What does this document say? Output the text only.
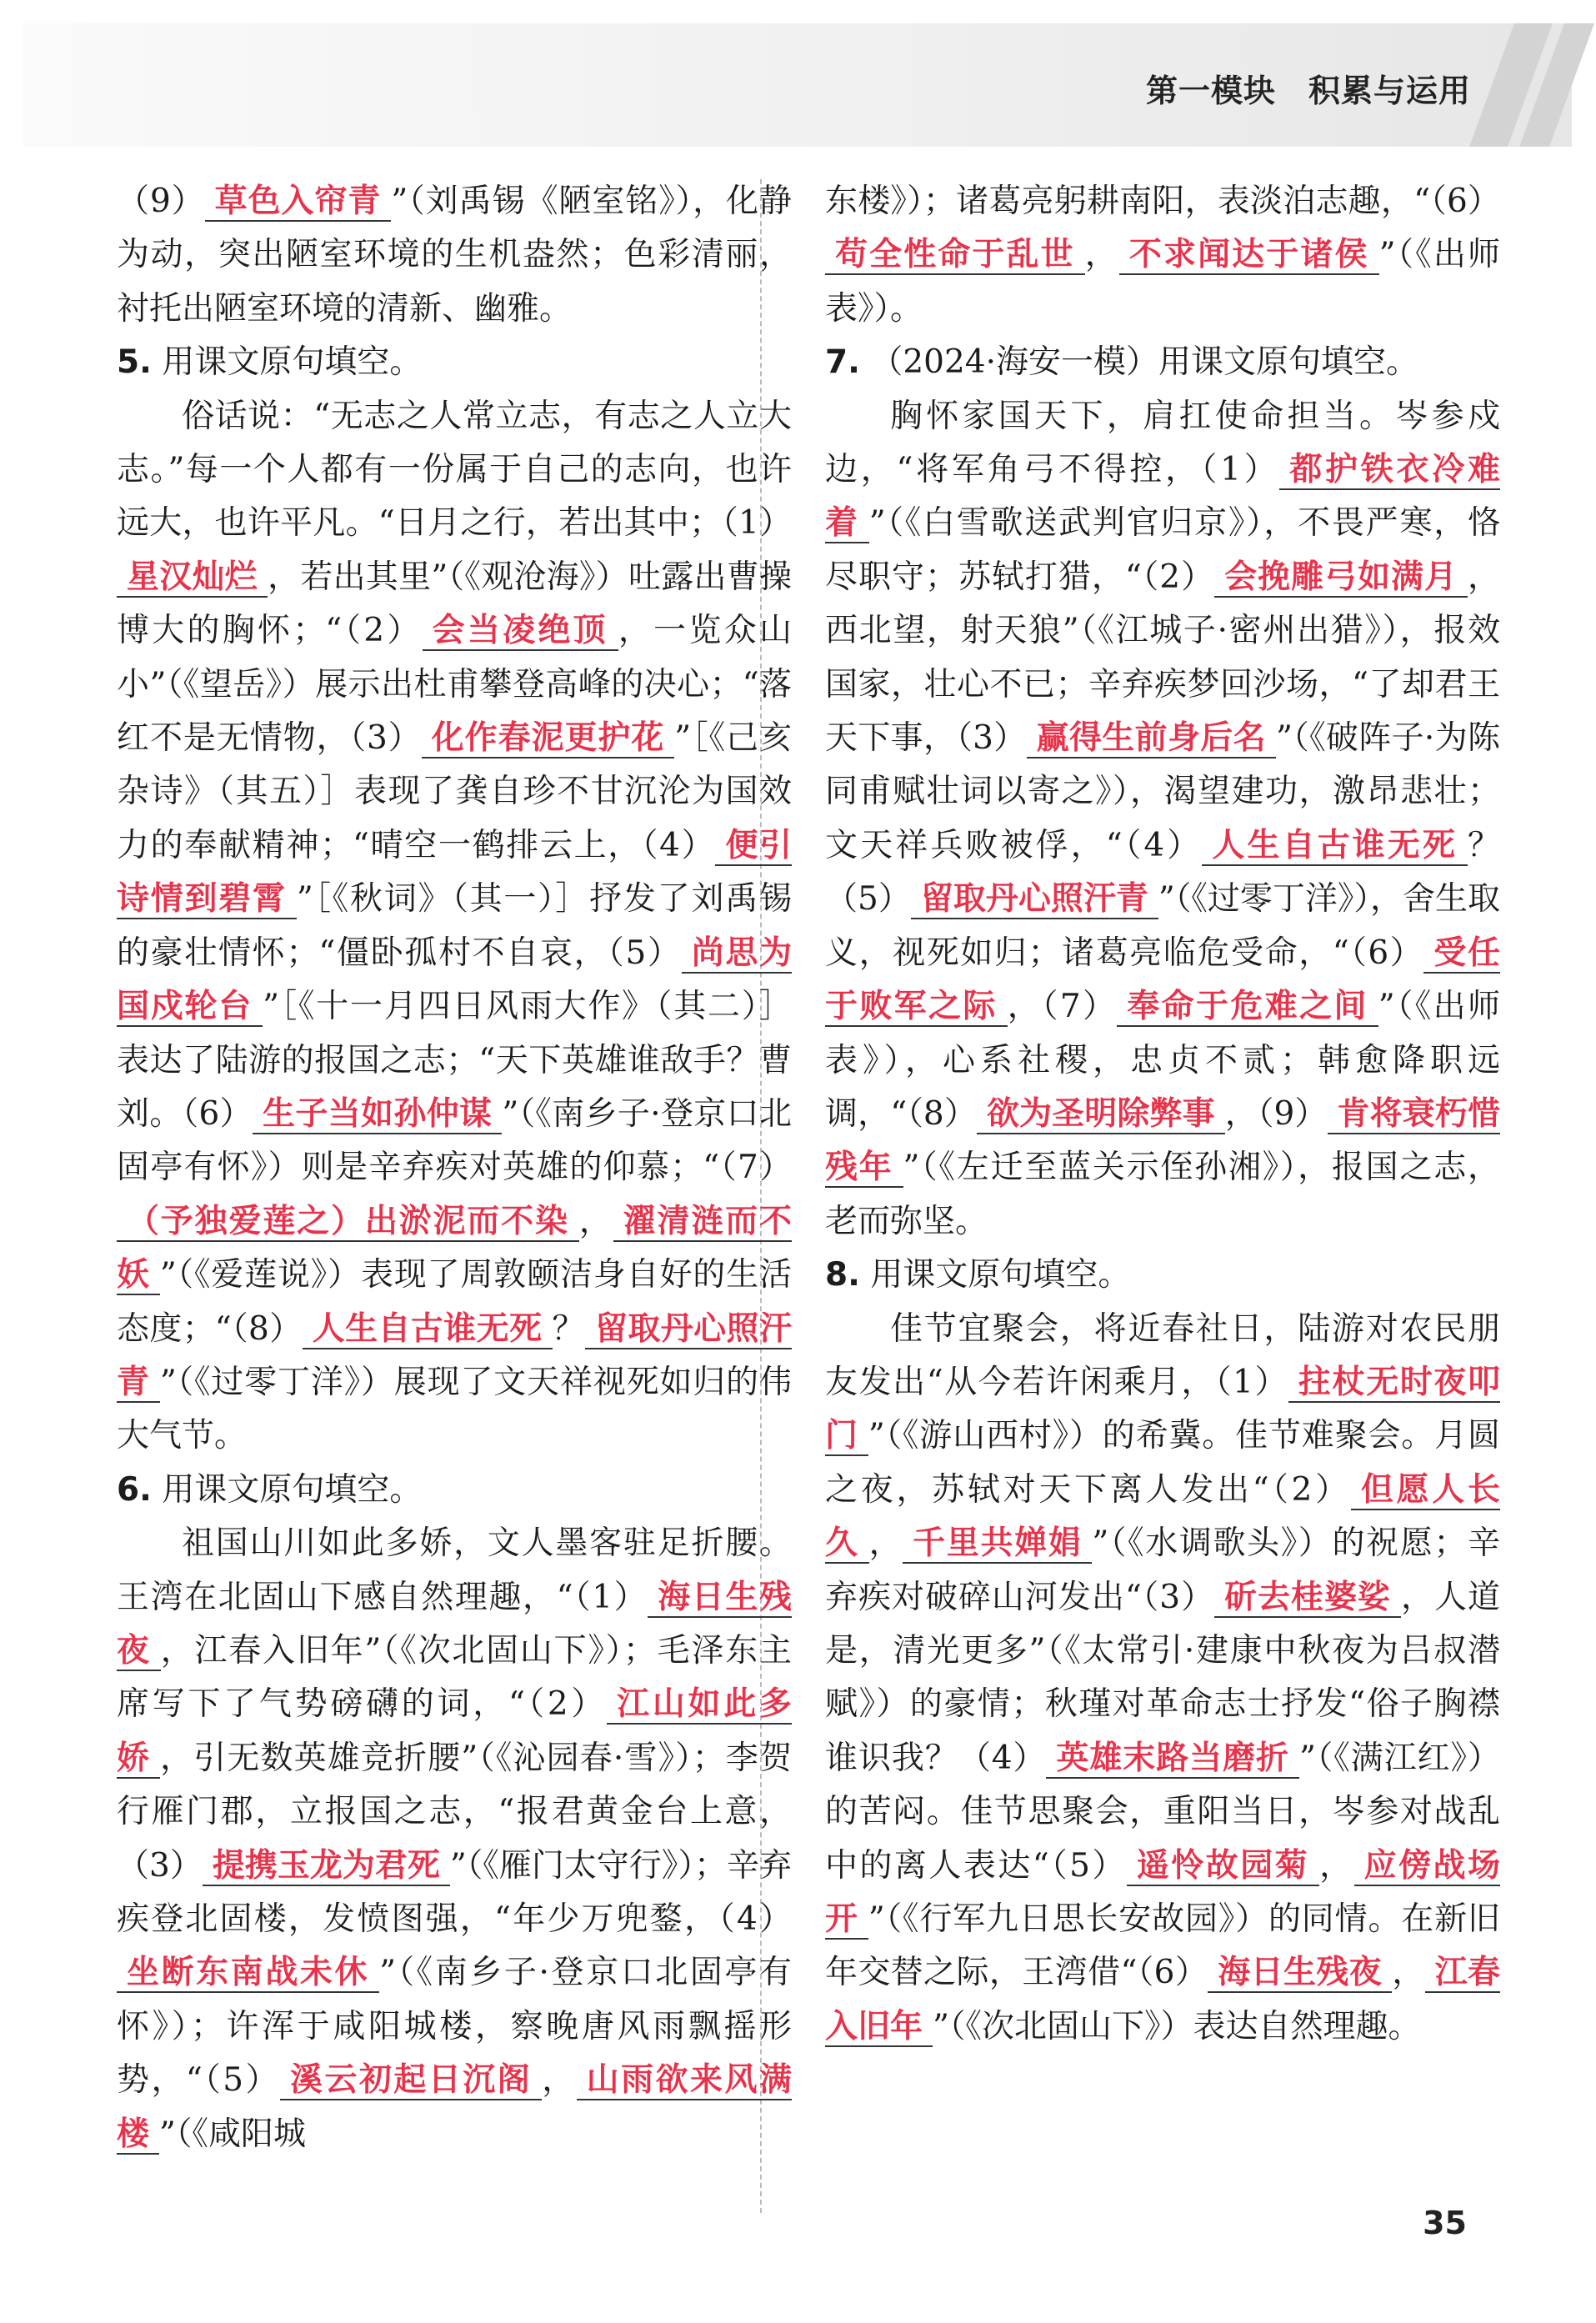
第一模块　积累与运用

（9） 草色入帘青 ”（刘禹锡《陋室铭》），化静为动，突出陋室环境的生机盎然；色彩清丽，衬托出陋室环境的清新、幽雅。

5. 用课文原句填空。

俗话说：“无志之人常立志，有志之人立大志。”每一个人都有一份属于自己的志向，也许远大，也许平凡。“日月之行，若出其中；（1）星汉灿烂 ，若出其里”（《观沧海》）吐露出曹操博大的胸怀；“（2） 会当凌绝顶 ，一览众山小”（《望岳》）展示出杜甫攀登高峰的决心；“落红不是无情物，（3） 化作春泥更护花 ”［《己亥杂诗》（其五）］表现了龚自珍不甘沉沦为国效力的奉献精神；“晴空一鹤排云上，（4） 便引诗情到碧霄 ”［《秋词》（其一）］抒发了刘禹锡的豪壮情怀；“僵卧孤村不自哀，（5） 尚思为国戍轮台 ”［《十一月四日风雨大作》（其二）］表达了陆游的报国之志；“天下英雄谁敌手？曹刘。（6） 生子当如孙仲谋 ”（《南乡子·登京口北固亭有怀》）则是辛弃疾对英雄的仰慕；“（7）（予独爱莲之）出淤泥而不染 ， 濯清涟而不妖 ”（《爱莲说》）表现了周敦颐洁身自好的生活态度；“（8） 人生自古谁无死 ？ 留取丹心照汗青 ”（《过零丁洋》）展现了文天祥视死如归的伟大气节。

6. 用课文原句填空。

祖国山川如此多娇，文人墨客驻足折腰。王湾在北固山下感自然理趣，“（1） 海日生残夜 ，江春入旧年”（《次北固山下》）；毛泽东主席写下了气势磅礴的词，“（2） 江山如此多娇 ，引无数英雄竞折腰”（《沁园春·雪》）；李贺行雁门郡，立报国之志，“报君黄金台上意，（3） 提携玉龙为君死 ”（《雁门太守行》）；辛弃疾登北固楼，发愤图强，“年少万兜鍪，（4）坐断东南战未休 ”（《南乡子·登京口北固亭有怀》）；许浑于咸阳城楼，察晚唐风雨飘摇形势，“（5） 溪云初起日沉阁 ， 山雨欲来风满楼 ”（《咸阳城

东楼》）；诸葛亮躬耕南阳，表淡泊志趣，“（6）苟全性命于乱世 ， 不求闻达于诸侯 ”（《出师表》）。

7. （2024·海安一模）用课文原句填空。

胸怀家国天下，肩扛使命担当。岑参戍边，“将军角弓不得控，（1） 都护铁衣冷难着 ”（《白雪歌送武判官归京》），不畏严寒，恪尽职守；苏轼打猎，“（2） 会挽雕弓如满月 ，西北望，射天狼”（《江城子·密州出猎》），报效国家，壮心不已；辛弃疾梦回沙场，“了却君王天下事，（3） 赢得生前身后名 ”（《破阵子·为陈同甫赋壮词以寄之》），渴望建功，激昂悲壮；文天祥兵败被俘，“（4） 人生自古谁无死 ？（5） 留取丹心照汗青 ”（《过零丁洋》），舍生取义，视死如归；诸葛亮临危受命，“（6） 受任于败军之际 ，（7） 奉命于危难之间 ”（《出师表》），心系社稷，忠贞不贰；韩愈降职远调，“（8） 欲为圣明除弊事 ，（9） 肯将衰朽惜残年 ”（《左迁至蓝关示侄孙湘》），报国之志，老而弥坚。

8. 用课文原句填空。

佳节宜聚会，将近春社日，陆游对农民朋友发出“从今若许闲乘月，（1） 拄杖无时夜叩门 ”（《游山西村》）的希冀。佳节难聚会。月圆之夜，苏轼对天下离人发出“（2） 但愿人长久 ， 千里共婵娟 ”（《水调歌头》）的祝愿；辛弃疾对破碎山河发出“（3） 斫去桂婆娑 ，人道是，清光更多”（《太常引·建康中秋夜为吕叔潜赋》）的豪情；秋瑾对革命志士抒发“俗子胸襟谁识我？（4） 英雄末路当磨折 ”（《满江红》）的苦闷。佳节思聚会，重阳当日，岑参对战乱中的离人表达“（5） 遥怜故园菊 ， 应傍战场开 ”（《行军九日思长安故园》）的同情。在新旧年交替之际，王湾借“（6） 海日生残夜 ， 江春入旧年 ”（《次北固山下》）表达自然理趣。

35
